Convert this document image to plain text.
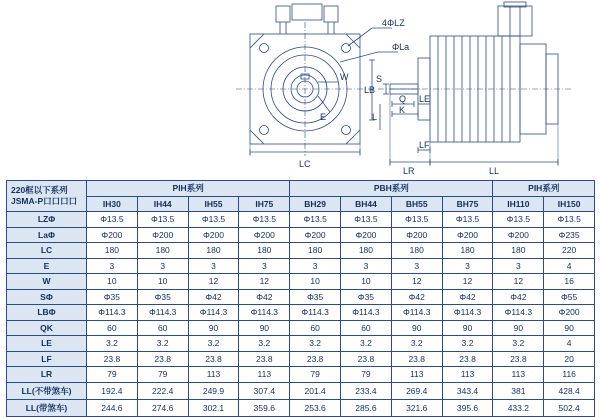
4ΦLZ
ΦLa
W
E
LB
LC
S
Q
K
LE
L
LF
LR	LL
220框以下系列
JSMA-P口口口口	PIH系列				PBH系列				PIH系列	
	IH30	IH44	IH55	IH75	BH29	BH44	BH55	BH75	IH110	IH150
LZΦ	Φ13.5	Φ13.5	Φ13.5	Φ13.5	Φ13.5	Φ13.5	Φ13.5	Φ13.5	Φ13.5	Φ13.5
LaΦ	Φ200	Φ200	Φ200	Φ200	Φ200	Φ200	Φ200	Φ200	Φ200	Φ235
LC	180	180	180	180	180	180	180	180	180	220
E	3	3	3	3	3	3	3	3	3	4
W	10	10	12	12	10	10	12	12	12	16
SΦ	Φ35	Φ35	Φ42	Φ42	Φ35	Φ35	Φ42	Φ42	Φ42	Φ55
LBΦ	Φ114.3	Φ114.3	Φ114.3	Φ114.3	Φ114.3	Φ114.3	Φ114.3	Φ114.3	Φ114.3	Φ200
QK	60	60	90	90	60	60	90	90	90	90
LE	3.2	3.2	3.2	3.2	3.2	3.2	3.2	3.2	3.2	4
LF	23.8	23.8	23.8	23.8	23.8	23.8	23.8	23.8	23.8	20
LR	79	79	113	113	79	79	113	113	113	116
LL(不带煞车)	192.4	222.4	249.9	307.4	201.4	233.4	269.4	343.4	381	428.4
LL(带煞车)	244.6	274.6	302.1	359.6	253.6	285.6	321.6	395.6	433.2	502.4
